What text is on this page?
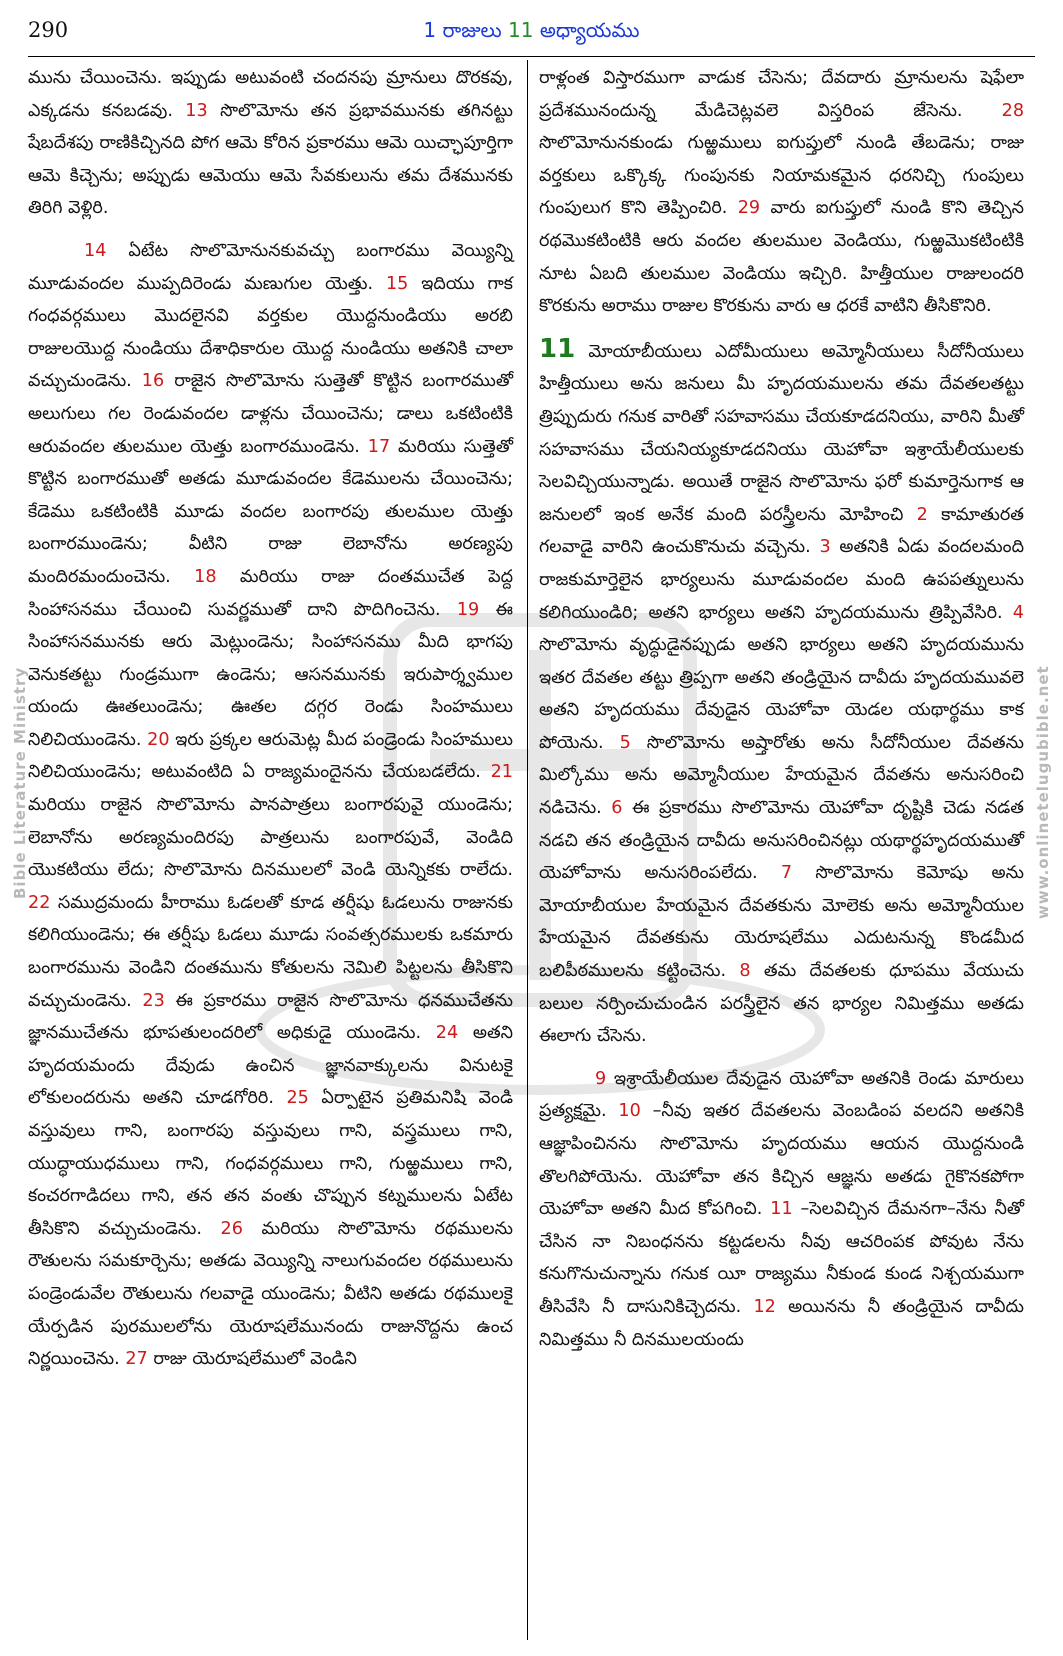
290	1 రాజులు 11 అధ్యాయము

మును చేయించెను. ఇప్పుడు అటువంటి చందనపు మ్రానులు దొరకవు, ఎక్కడను కనబడవు. 13 సొలొమోను తన ప్రభావమునకు తగినట్టు షేబదేశపు రాణికిచ్చినది పోగ ఆమె కోరిన ప్రకారము ఆమె యిచ్ఛాపూర్తిగా ఆమె కిచ్చెను; అప్పుడు ఆమెయు ఆమె సేవకులును తమ దేశమునకు తిరిగి వెళ్లిరి.

14 ఏటేట సొలొమోనునకువచ్చు బంగారము వెయ్యిన్ని మూడువందల ముప్పదిరెండు మణుగుల యెత్తు. 15 ఇదియు గాక గంధవర్గములు మొదలైనవి వర్తకుల యొద్దనుండియు అరబి రాజులయొద్ద నుండియు దేశాధికారుల యొద్ద నుండియు అతనికి చాలా వచ్చుచుండెను. 16 రాజైన సొలొమోను సుత్తెతో కొట్టిన బంగారముతో అలుగులు గల రెండువందల డాళ్లను చేయించెను; డాలు ఒకటింటికి ఆరువందల తులముల యెత్తు బంగారముండెను. 17 మరియు సుత్తెతో కొట్టిన బంగారముతో అతడు మూడువందల కేడెములను చేయించెను; కేడెము ఒకటింటికి మూడు వందల బంగారపు తులముల యెత్తు బంగారముండెను; వీటిని రాజు లెబానోను అరణ్యపు మందిరమందుంచెను. 18 మరియు రాజు దంతముచేత పెద్ద సింహాసనము చేయించి సువర్ణముతో దాని పొదిగించెను. 19 ఈ సింహాసనమునకు ఆరు మెట్లుండెను; సింహాసనము మీది భాగపు వెనుకతట్టు గుండ్రముగా ఉండెను; ఆసనమునకు ఇరుపార్శ్వముల యందు ఊతలుండెను; ఊతల దగ్గర రెండు సింహములు నిలిచియుండెను. 20 ఇరు ప్రక్కల ఆరుమెట్ల మీద పండ్రెండు సింహములు నిలిచియుండెను; అటువంటిది ఏ రాజ్యమందైనను చేయబడలేదు. 21 మరియు రాజైన సొలొమోను పానపాత్రలు బంగారపువై యుండెను; లెబానోను అరణ్యమందిరపు పాత్రలును బంగారపువే, వెండిది యొకటియు లేదు; సొలొమోను దినములలో వెండి యెన్నికకు రాలేదు. 22 సముద్రమందు హీరాము ఓడలతో కూడ తర్షీషు ఓడలును రాజునకు కలిగియుండెను; ఈ తర్షీషు ఓడలు మూడు సంవత్సరములకు ఒకమారు బంగారమును వెండిని దంతమును కోతులను నెమిలి పిట్టలను తీసికొని వచ్చుచుండెను. 23 ఈ ప్రకారము రాజైన సొలొమోను ధనముచేతను జ్ఞానముచేతను భూపతులందరిలో అధికుడై యుండెను. 24 అతని హృదయమందు దేవుడు ఉంచిన జ్ఞానవాక్కులను వినుటకై లోకులందరును అతని చూడగోరిరి. 25 ఏర్పాటైన ప్రతిమనిషి వెండి వస్తువులు గాని, బంగారపు వస్తువులు గాని, వస్త్రములు గాని, యుద్ధాయుధములు గాని, గంధవర్గములు గాని, గుఱ్ఱములు గాని, కంచరగాడిదలు గాని, తన తన వంతు చొప్పున కట్నములను ఏటేట తీసికొని వచ్చుచుండెను. 26 మరియు సొలొమోను రథములను రౌతులను సమకూర్చెను; అతడు వెయ్యిన్ని నాలుగువందల రథములును పండ్రెండువేల రౌతులును గలవాడై యుండెను; వీటిని అతడు రథములకై యేర్పడిన పురములలోను యెరూషలేమునందు రాజునొద్దను ఉంచ నిర్ణయించెను. 27 రాజు యెరూషలేములో వెండిని

రాళ్లంత విస్తారముగా వాడుక చేసెను; దేవదారు మ్రానులను షెఫేలా ప్రదేశమునందున్న మేడిచెట్లవలె విస్తరింప జేసెను. 28 సొలొమోనునకుండు గుఱ్ఱములు ఐగుప్తులో నుండి తేబడెను; రాజు వర్తకులు ఒక్కొక్క గుంపునకు నియామకమైన ధరనిచ్చి గుంపులు గుంపులుగ కొని తెప్పించిరి. 29 వారు ఐగుప్తులో నుండి కొని తెచ్చిన రథమొకటింటికి ఆరు వందల తులముల వెండియు, గుఱ్ఱమొకటింటికి నూట ఏబది తులముల వెండియు ఇచ్చిరి. హిత్తీయుల రాజులందరి కొరకును అరాము రాజుల కొరకును వారు ఆ ధరకే వాటిని తీసికొనిరి.

11 మోయాబీయులు ఎదోమీయులు అమ్మోనీయులు సీదోనీయులు హిత్తీయులు అను జనులు మీ హృదయములను తమ దేవతలతట్టు త్రిప్పుదురు గనుక వారితో సహవాసము చేయకూడదనియు, వారిని మీతో సహవాసము చేయనియ్యకూడదనియు యెహోవా ఇశ్రాయేలీయులకు సెలవిచ్చియున్నాడు. అయితే రాజైన సొలొమోను ఫరో కుమార్తెనుగాక ఆ జనులలో ఇంక అనేక మంది పరస్త్రీలను మోహించి 2 కామాతురత గలవాడై వారిని ఉంచుకొనుచు వచ్చెను. 3 అతనికి ఏడు వందలమంది రాజకుమార్తెలైన భార్యలును మూడువందల మంది ఉపపత్నులును కలిగియుండిరి; అతని భార్యలు అతని హృదయమును త్రిప్పివేసిరి. 4 సొలొమోను వృద్ధుడైనప్పుడు అతని భార్యలు అతని హృదయమును ఇతర దేవతల తట్టు త్రిప్పగా అతని తండ్రియైన దావీదు హృదయమువలె అతని హృదయము దేవుడైన యెహోవా యెడల యథార్థము కాక పోయెను. 5 సొలొమోను అష్తారోతు అను సీదోనీయుల దేవతను మిల్కోము అను అమ్మోనీయుల హేయమైన దేవతను అనుసరించి నడిచెను. 6 ఈ ప్రకారము సొలొమోను యెహోవా దృష్టికి చెడు నడత నడచి తన తండ్రియైన దావీదు అనుసరించినట్లు యథార్థహృదయముతో యెహోవాను అనుసరింపలేదు. 7 సొలొమోను కెమోషు అను మోయాబీయుల హేయమైన దేవతకును మోలెకు అను అమ్మోనీయుల హేయమైన దేవతకును యెరూషలేము ఎదుటనున్న కొండమీద బలిపీఠములను కట్టించెను. 8 తమ దేవతలకు ధూపము వేయుచు బలుల నర్పించుచుండిన పరస్త్రీలైన తన భార్యల నిమిత్తము అతడు ఈలాగు చేసెను.

9 ఇశ్రాయేలీయుల దేవుడైన యెహోవా అతనికి రెండు మారులు ప్రత్యక్షమై. 10 –నీవు ఇతర దేవతలను వెంబడింప వలదని అతనికి ఆజ్ఞాపించినను సొలొమోను హృదయము ఆయన యొద్దనుండి తొలగిపోయెను. యెహోవా తన కిచ్చిన ఆజ్ఞను అతడు గైకొనకపోగా యెహోవా అతని మీద కోపగించి. 11 –సెలవిచ్చిన దేమనగా–నేను నీతో చేసిన నా నిబంధనను కట్టడలను నీవు ఆచరింపక పోవుట నేను కనుగొనుచున్నాను గనుక యీ రాజ్యము నీకుండ కుండ నిశ్చయముగా తీసివేసి నీ దాసునికిచ్చెదను. 12 అయినను నీ తండ్రియైన దావీదు నిమిత్తము నీ దినములయందు

Bible Literature Ministry	www.onlinetelugubible.net
